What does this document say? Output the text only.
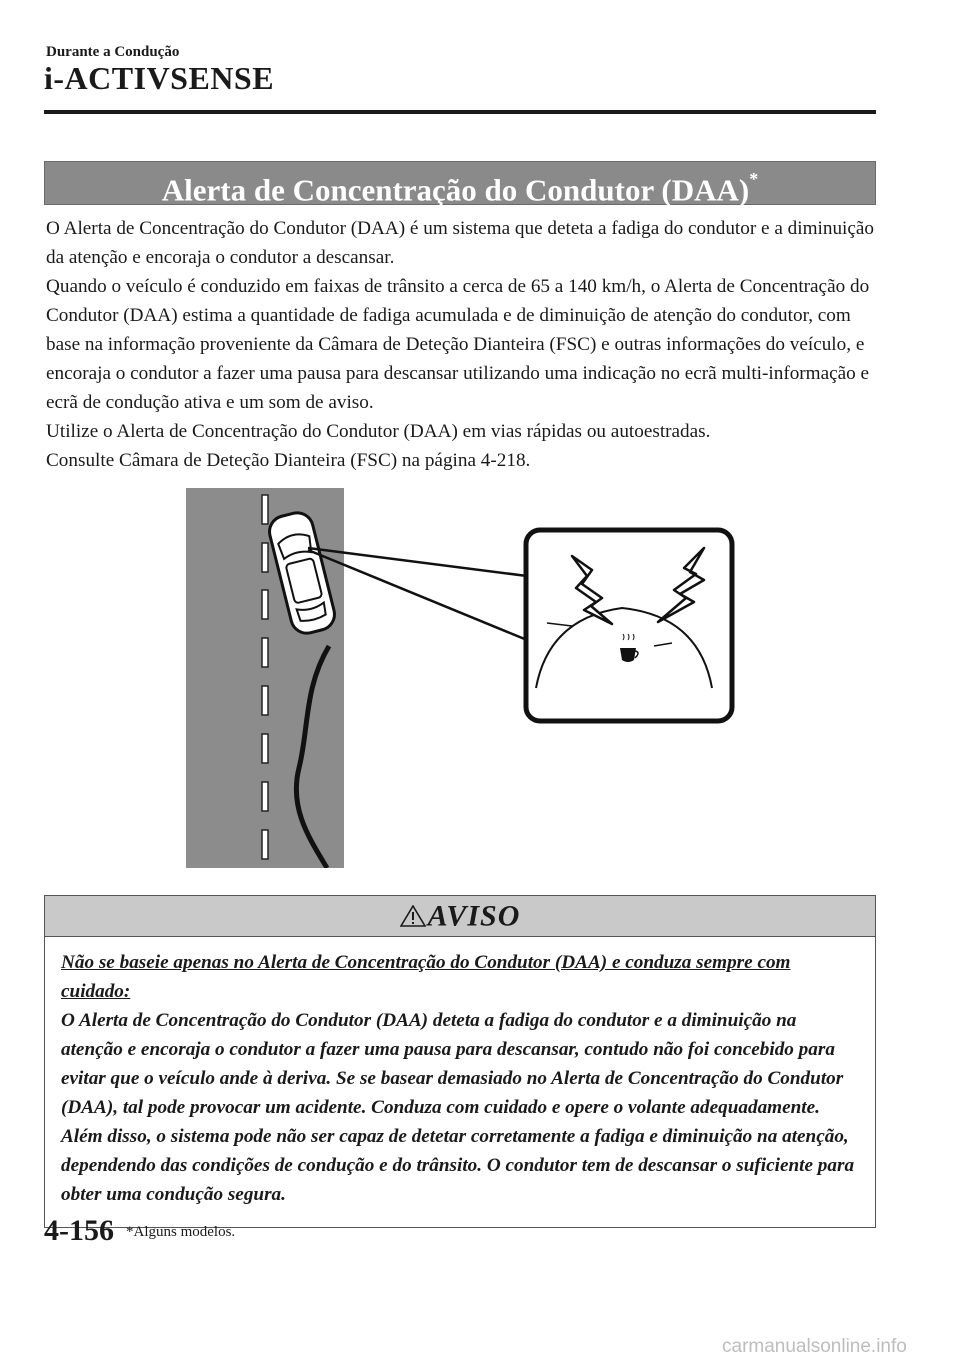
Durante a Condução
i-ACTIVSENSE
Alerta de Concentração do Condutor (DAA)*

O Alerta de Concentração do Condutor (DAA) é um sistema que deteta a fadiga do condutor e a diminuição da atenção e encoraja o condutor a descansar.

Quando o veículo é conduzido em faixas de trânsito a cerca de 65 a 140 km/h, o Alerta de Concentração do Condutor (DAA) estima a quantidade de fadiga acumulada e de diminuição de atenção do condutor, com base na informação proveniente da Câmara de Deteção Dianteira (FSC) e outras informações do veículo, e encoraja o condutor a fazer uma pausa para descansar utilizando uma indicação no ecrã multi-informação e ecrã de condução ativa e um som de aviso.

Utilize o Alerta de Concentração do Condutor (DAA) em vias rápidas ou autoestradas.

Consulte Câmara de Deteção Dianteira (FSC) na página 4-218.

AVISO

Não se baseie apenas no Alerta de Concentração do Condutor (DAA) e conduza sempre com cuidado:

O Alerta de Concentração do Condutor (DAA) deteta a fadiga do condutor e a diminuição na atenção e encoraja o condutor a fazer uma pausa para descansar, contudo não foi concebido para evitar que o veículo ande à deriva. Se se basear demasiado no Alerta de Concentração do Condutor (DAA), tal pode provocar um acidente. Conduza com cuidado e opere o volante adequadamente.

Além disso, o sistema pode não ser capaz de detetar corretamente a fadiga e diminuição na atenção, dependendo das condições de condução e do trânsito. O condutor tem de descansar o suficiente para obter uma condução segura.

4-156 *Alguns modelos.
carmanualsonline.info
